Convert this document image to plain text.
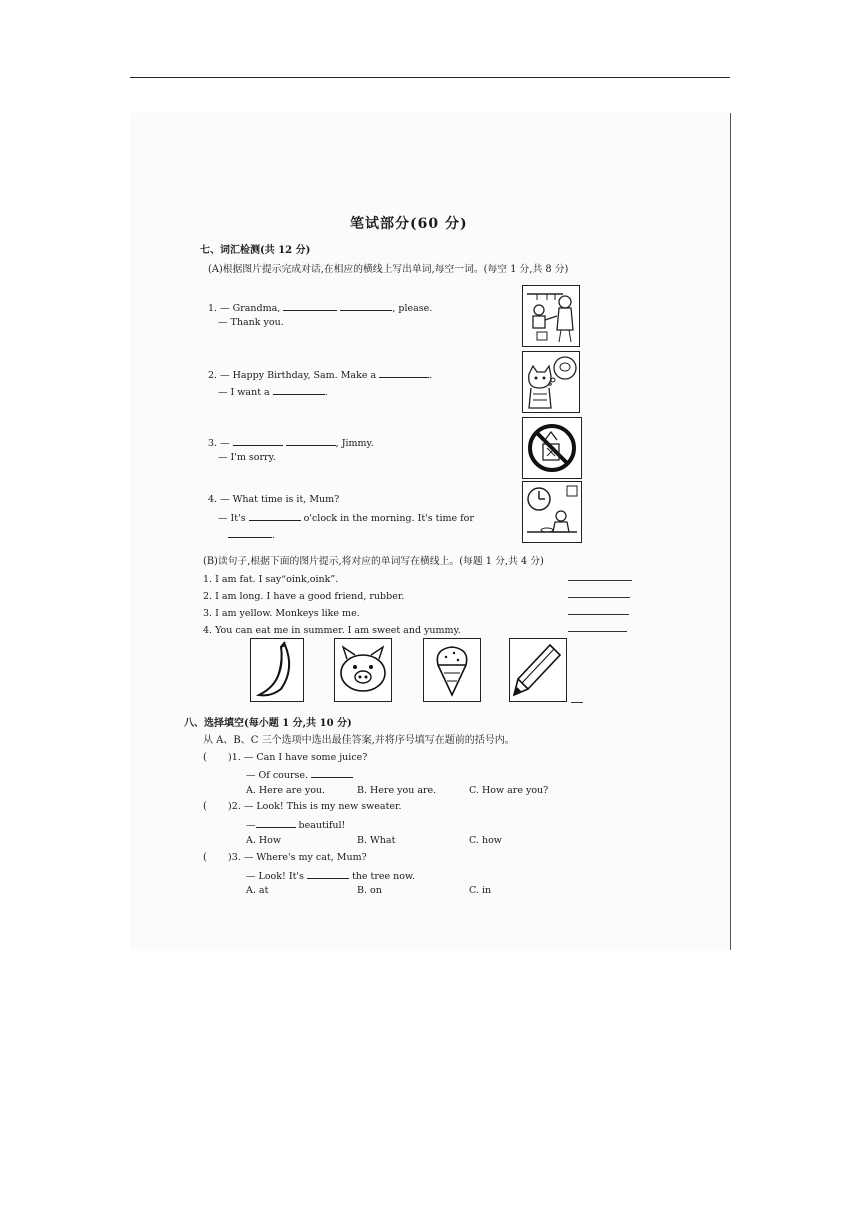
笔试部分(60 分)
七、词汇检测(共 12 分)
(A)根据图片提示完成对话,在相应的横线上写出单词,每空一词。(每空 1 分,共 8 分)
1. — Grandma,	, please.
— Thank you.
2. — Happy Birthday, Sam. Make a	.
— I want a	.
3. —	, Jimmy.
— I'm sorry.
4. — What time is it, Mum?
— It's	o'clock in the morning. It's time for
.
(B)读句子,根据下面的图片提示,将对应的单词写在横线上。(每题 1 分,共 4 分)
1. I am fat. I say“oink,oink”.
2. I am long. I have a good friend, rubber.
3. I am yellow. Monkeys like me.
4. You can eat me in summer. I am sweet and yummy.
八、选择填空(每小题 1 分,共 10 分)
从 A、B、C 三个选项中选出最佳答案,并将序号填写在题前的括号内。
( )1. — Can I have some juice?
— Of course.
A. Here are you.	B. Here you are.	C. How are you?
( )2. — Look! This is my new sweater.
—	beautiful!
A. How	B. What	C. how
( )3. — Where's my cat, Mum?
— Look! It's	the tree now.
A. at	B. on	C. in
